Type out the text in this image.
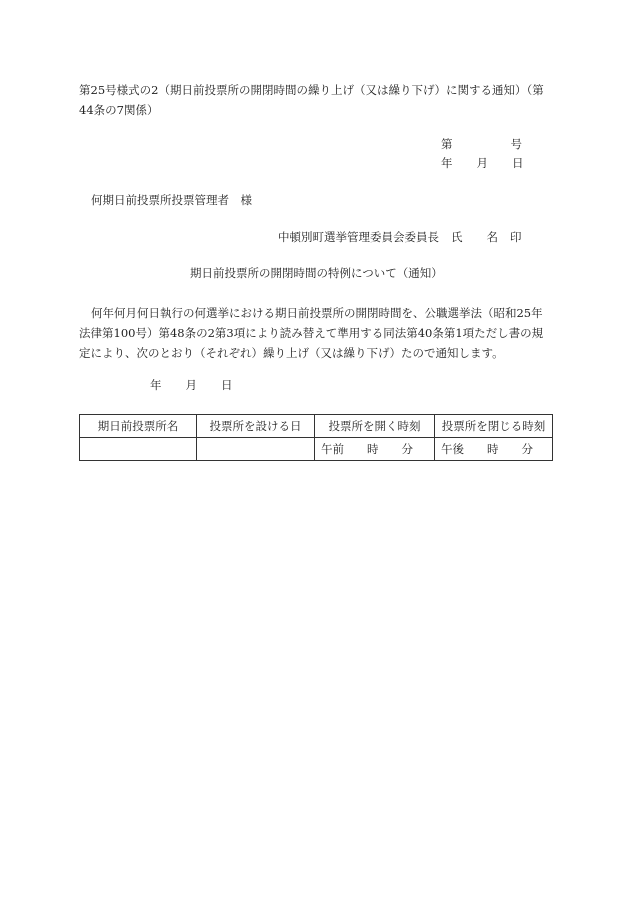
第25号様式の2（期日前投票所の開閉時間の繰り上げ（又は繰り下げ）に関する通知）（第44条の7関係）
第	号
年 月 日
何期日前投票所投票管理者　様
中頓別町選挙管理委員会委員長 氏 名 印
期日前投票所の開閉時間の特例について（通知）
何年何月何日執行の何選挙における期日前投票所の開閉時間を、公職選挙法（昭和25年法律第100号）第48条の2第3項により読み替えて準用する同法第40条第1項ただし書の規定により、次のとおり（それぞれ）繰り上げ（又は繰り下げ）たので通知します。
年 月 日
期日前投票所名	投票所を設ける日	投票所を開く時刻	投票所を閉じる時刻
		午前　　時　　分	午後　　時　　分
